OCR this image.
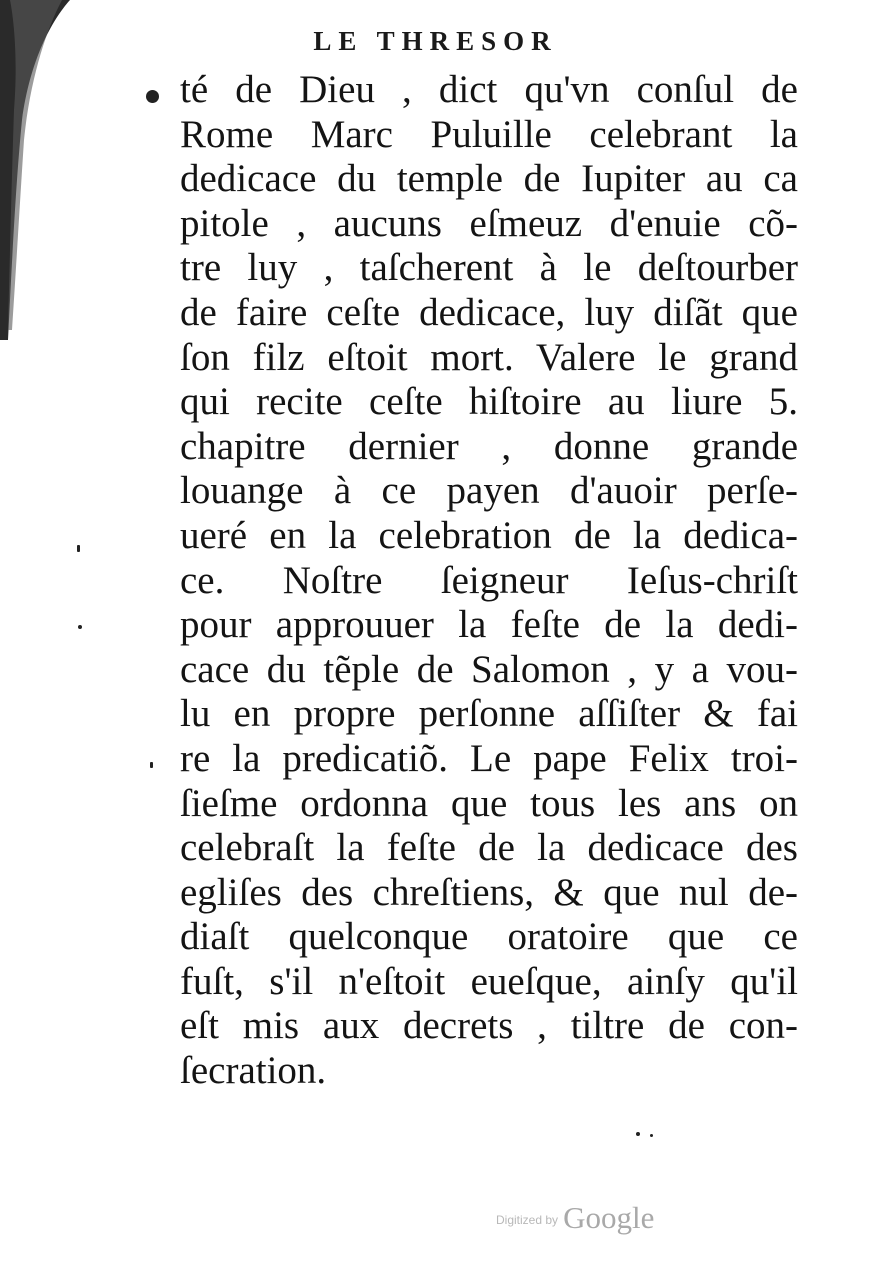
LE THRESOR
té de Dieu , dict qu'vn conſul de
Rome Marc Puluille celebrant la
dedicace du temple de Iupiter au ca
pitole , aucuns eſmeuz d'enuie cõ-
tre luy , taſcherent à le deſtourber
de faire ceſte dedicace, luy diſãt que
ſon filz eſtoit mort. Valere le grand
qui recite ceſte hiſtoire au liure 5.
chapitre dernier , donne grande
louange à ce payen d'auoir perſe-
ueré en la celebration de la dedica-
ce. Noſtre ſeigneur Ieſus-chriſt
pour approuuer la feſte de la dedi-
cace du tẽple de Salomon , y a vou-
lu en propre perſonne aſſiſter & fai
re la predicatiõ. Le pape Felix troi-
ſieſme ordonna que tous les ans on
celebraſt la feſte de la dedicace des
egliſes des chreſtiens, & que nul de-
diaſt quelconque oratoire que ce
fuſt, s'il n'eſtoit eueſque, ainſy qu'il
eſt mis aux decrets , tiltre de con-
ſecration.
$^{Digitized by}$ Google
